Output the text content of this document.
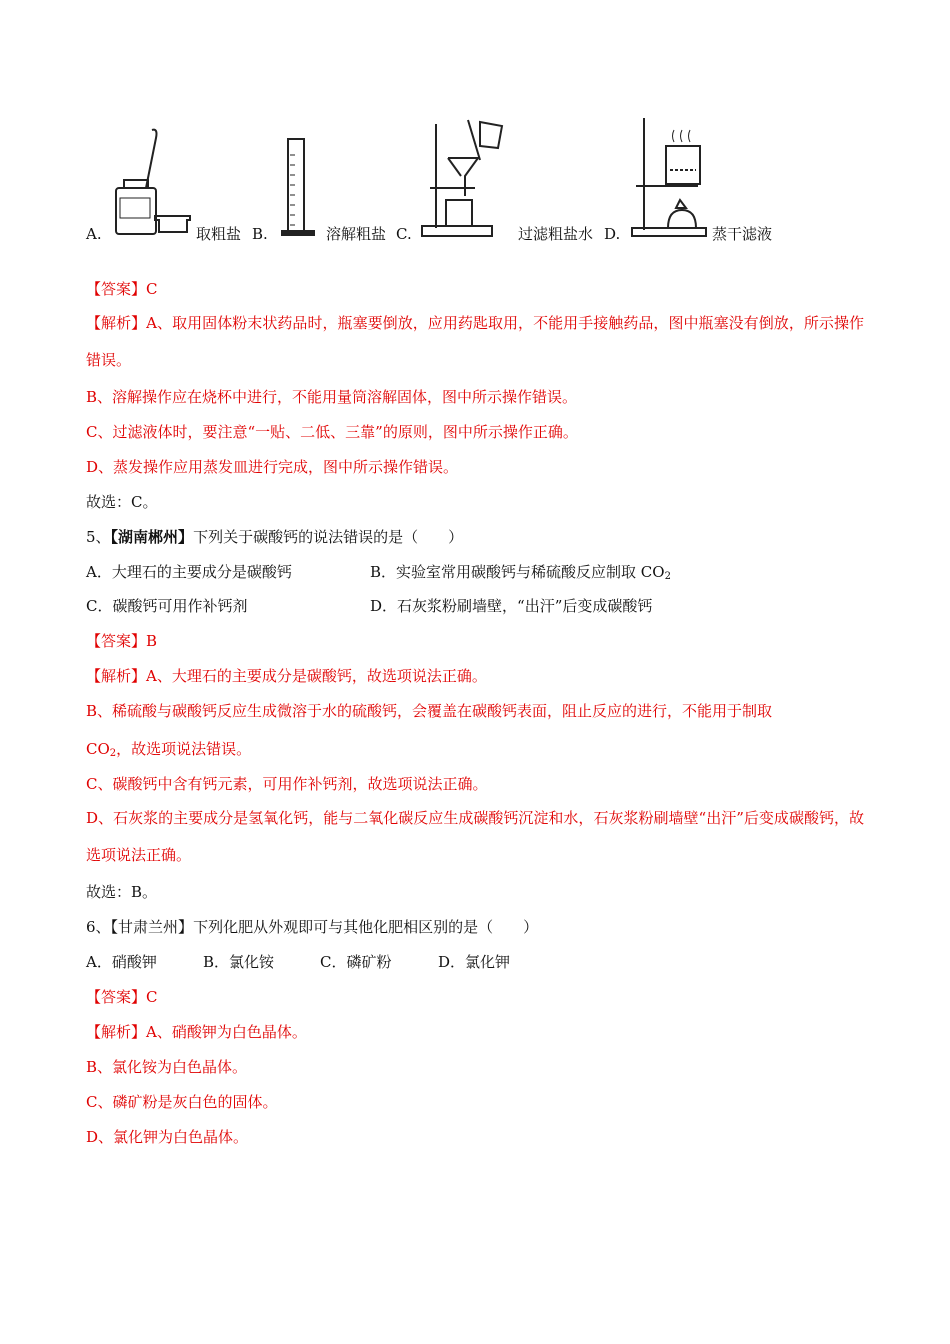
A.	取粗盐 B.	溶解粗盐 C.	过滤粗盐水 D.	蒸干滤液
【答案】C
【解析】A、取用固体粉末状药品时，瓶塞要倒放，应用药匙取用，不能用手接触药品，图中瓶塞没有倒放，所示操作错误。
B、溶解操作应在烧杯中进行，不能用量筒溶解固体，图中所示操作错误。
C、过滤液体时，要注意“一贴、二低、三靠”的原则，图中所示操作正确。
D、蒸发操作应用蒸发皿进行完成，图中所示操作错误。
故选：C。
5、【湖南郴州】下列关于碳酸钙的说法错误的是（　　）
A．大理石的主要成分是碳酸钙	B．实验室常用碳酸钙与稀硫酸反应制取 $CO_2$
C．碳酸钙可用作补钙剂	D．石灰浆粉刷墙壁，“出汗”后变成碳酸钙
【答案】B
【解析】A、大理石的主要成分是碳酸钙，故选项说法正确。
B、稀硫酸与碳酸钙反应生成微溶于水的硫酸钙，会覆盖在碳酸钙表面，阻止反应的进行，不能用于制取
$CO_2$，故选项说法错误。
C、碳酸钙中含有钙元素，可用作补钙剂，故选项说法正确。
D、石灰浆的主要成分是氢氧化钙，能与二氧化碳反应生成碳酸钙沉淀和水，石灰浆粉刷墙壁“出汗”后变成碳酸钙，故选项说法正确。
故选：B。
6、【甘肃兰州】下列化肥从外观即可与其他化肥相区别的是（　　）
A．硝酸钾	B．氯化铵	C．磷矿粉	D．氯化钾
【答案】C
【解析】A、硝酸钾为白色晶体。
B、氯化铵为白色晶体。
C、磷矿粉是灰白色的固体。
D、氯化钾为白色晶体。
